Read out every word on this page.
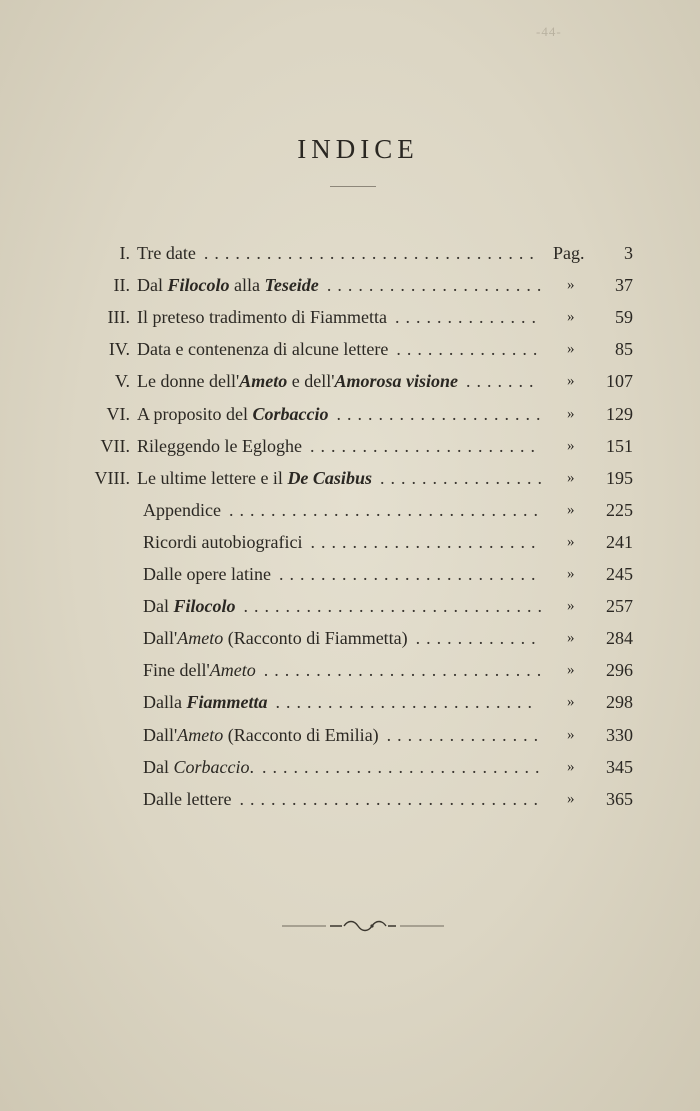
-44-
INDICE
I. Tre date ................................ Pag. 3
II. Dal Filocolo alla Teseide ..................... » 37
III. Il preteso tradimento di Fiammetta .............. » 59
IV. Data e contenenza di alcune lettere .............. » 85
V. Le donne dell'Ameto e dell'Amorosa visione ....... » 107
VI. A proposito del Corbaccio .................... » 129
VII. Rileggendo le Egloghe ...................... » 151
VIII. Le ultime lettere e il De Casibus ................ » 195
Appendice .............................. » 225
Ricordi autobiografici ...................... » 241
Dalle opere latine ......................... » 245
Dal Filocolo ............................. » 257
Dall'Ameto (Racconto di Fiammetta) ............ » 284
Fine dell'Ameto ........................... » 296
Dalla Fiammetta ......................... » 298
Dall'Ameto (Racconto di Emilia) ............... » 330
Dal Corbaccio. ........................... » 345
Dalle lettere ............................. » 365
